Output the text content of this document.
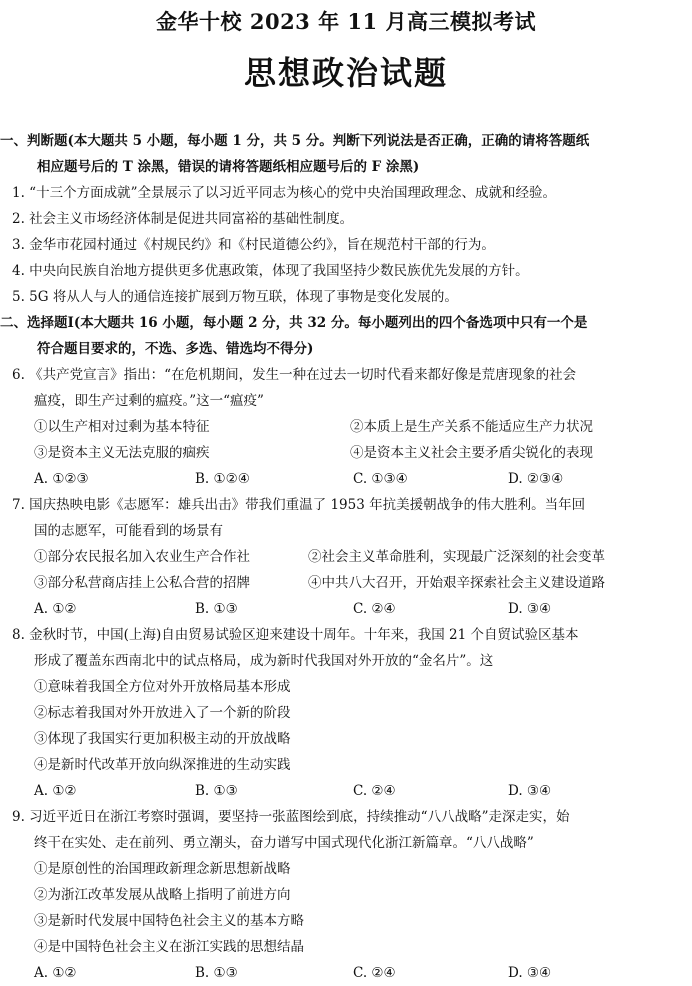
金华十校 2023 年 11 月高三模拟考试
思想政治试题
一、判断题(本大题共 5 小题，每小题 1 分，共 5 分。判断下列说法是否正确，正确的请将答题纸
相应题号后的 T 涂黑，错误的请将答题纸相应题号后的 F 涂黑)
1. “十三个方面成就”全景展示了以习近平同志为核心的党中央治国理政理念、成就和经验。
2. 社会主义市场经济体制是促进共同富裕的基础性制度。
3. 金华市花园村通过《村规民约》和《村民道德公约》，旨在规范村干部的行为。
4. 中央向民族自治地方提供更多优惠政策，体现了我国坚持少数民族优先发展的方针。
5. 5G 将从人与人的通信连接扩展到万物互联，体现了事物是变化发展的。
二、选择题Ⅰ(本大题共 16 小题，每小题 2 分，共 32 分。每小题列出的四个备选项中只有一个是
符合题目要求的，不选、多选、错选均不得分)
6. 《共产党宣言》指出：“在危机期间，发生一种在过去一切时代看来都好像是荒唐现象的社会
瘟疫，即生产过剩的瘟疫。”这一“瘟疫”
①以生产相对过剩为基本特征	②本质上是生产关系不能适应生产力状况
③是资本主义无法克服的痼疾	④是资本主义社会主要矛盾尖锐化的表现
A. ①②③	B. ①②④	C. ①③④	D. ②③④
7. 国庆热映电影《志愿军：雄兵出击》带我们重温了 1953 年抗美援朝战争的伟大胜利。当年回
国的志愿军，可能看到的场景有
①部分农民报名加入农业生产合作社	②社会主义革命胜利，实现最广泛深刻的社会变革
③部分私营商店挂上公私合营的招牌	④中共八大召开，开始艰辛探索社会主义建设道路
A. ①②	B. ①③	C. ②④	D. ③④
8. 金秋时节，中国(上海)自由贸易试验区迎来建设十周年。十年来，我国 21 个自贸试验区基本
形成了覆盖东西南北中的试点格局，成为新时代我国对外开放的“金名片”。这
①意味着我国全方位对外开放格局基本形成
②标志着我国对外开放进入了一个新的阶段
③体现了我国实行更加积极主动的开放战略
④是新时代改革开放向纵深推进的生动实践
A. ①②	B. ①③	C. ②④	D. ③④
9. 习近平近日在浙江考察时强调，要坚持一张蓝图绘到底，持续推动“八八战略”走深走实，始
终干在实处、走在前列、勇立潮头，奋力谱写中国式现代化浙江新篇章。“八八战略”
①是原创性的治国理政新理念新思想新战略
②为浙江改革发展从战略上指明了前进方向
③是新时代发展中国特色社会主义的基本方略
④是中国特色社会主义在浙江实践的思想结晶
A. ①②	B. ①③	C. ②④	D. ③④
